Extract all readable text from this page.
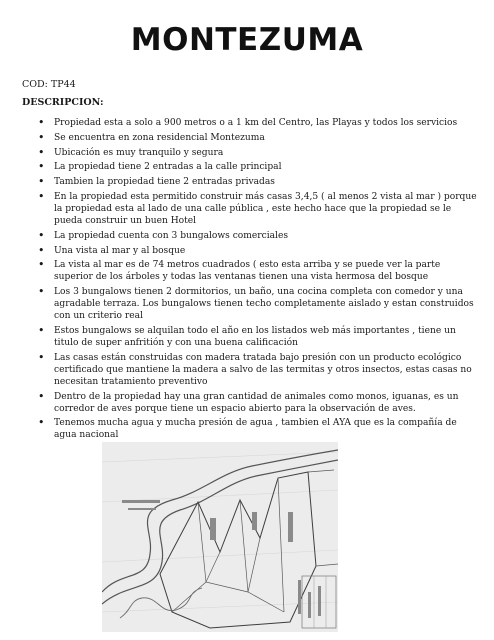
MONTEZUMA
COD: TP44
DESCRIPCION:
• Propiedad esta a solo a 900 metros o a 1 km del Centro, las Playas y todos los servicios
• Se encuentra en zona residencial Montezuma
• Ubicación es muy tranquilo y segura
• La propiedad tiene 2 entradas a la calle principal
• Tambien la propiedad tiene 2 entradas privadas
• En la propiedad esta permitido construir más casas 3,4,5 ( al menos 2 vista al mar ) porque la propiedad esta al lado de una calle pública , este hecho hace que la propiedad se le pueda construir un buen Hotel
• La propiedad cuenta con 3 bungalows comerciales
• Una vista al mar y al bosque
• La vista al mar es de 74 metros cuadrados ( esto esta arriba y se puede ver la parte superior de los árboles y todas las ventanas tienen una vista hermosa del bosque
• Los 3 bungalows tienen 2 dormitorios, un baño, una cocina completa con comedor y una agradable terraza. Los bungalows tienen techo completamente aislado y estan construidos con un criterio real
• Estos bungalows se alquilan todo el año en los listados web más importantes , tiene un titulo de super anfritión y con una buena calificación
• Las casas están construidas con madera tratada bajo presión con un producto ecológico certificado que mantiene la madera a salvo de las termitas y otros insectos, estas casas no necesitan tratamiento preventivo
• Dentro de la propiedad hay una gran cantidad de animales como monos, iguanas, es un corredor de aves porque tiene un espacio abierto para la observación de aves.
• Tenemos mucha agua y mucha presión de agua , tambien el AYA que es la compañía de agua nacional
